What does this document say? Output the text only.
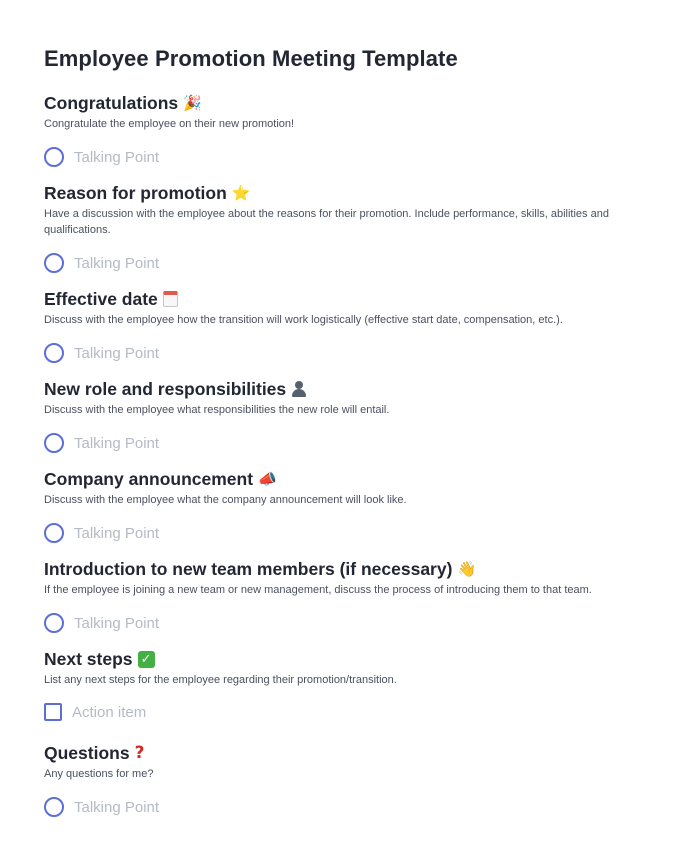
Employee Promotion Meeting Template
Congratulations 🎉

Congratulate the employee on their new promotion!

Talking Point
Reason for promotion ⭐

Have a discussion with the employee about the reasons for their promotion. Include performance, skills, abilities and qualifications.

Talking Point
Effective date

Discuss with the employee how the transition will work logistically (effective start date, compensation, etc.).

Talking Point
New role and responsibilities

Discuss with the employee what responsibilities the new role will entail.

Talking Point
Company announcement 📣

Discuss with the employee what the company announcement will look like.

Talking Point
Introduction to new team members (if necessary) 👋

If the employee is joining a new team or new management, discuss the process of introducing them to that team.

Talking Point
Next steps ✓

List any next steps for the employee regarding their promotion/transition.

Action item
Questions ?

Any questions for me?

Talking Point
